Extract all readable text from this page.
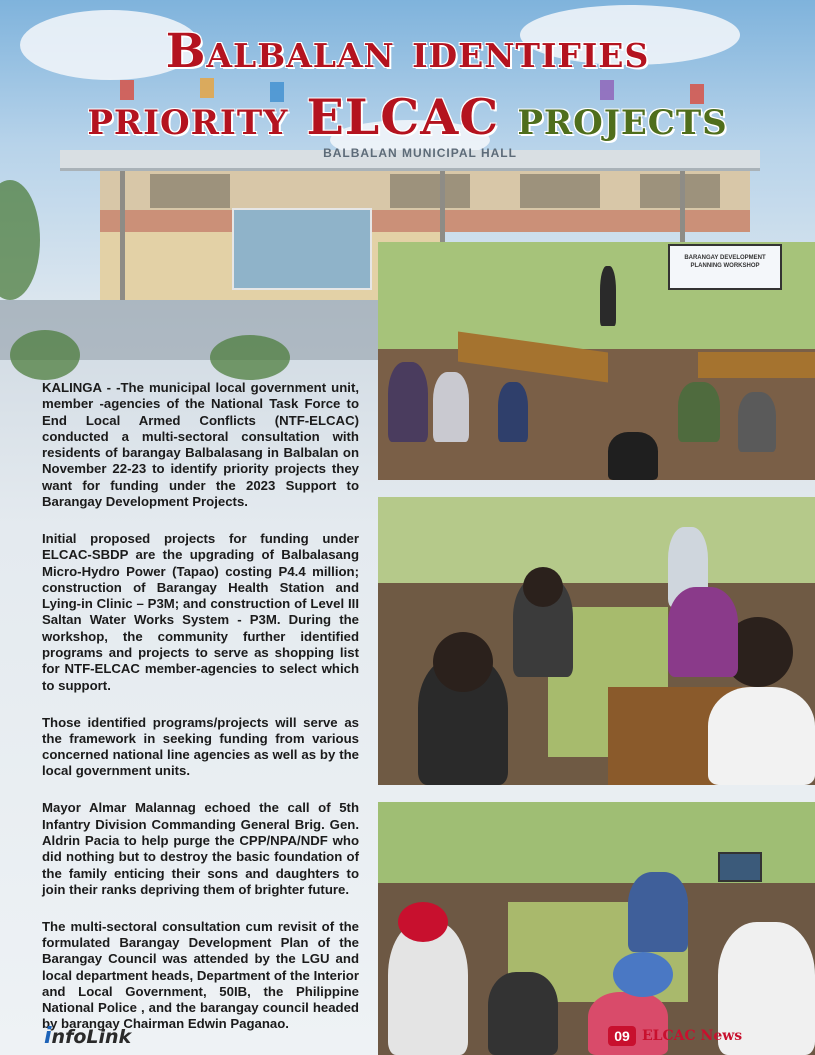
BALBALAN MUNICIPAL HALL
Balbalan identifies
priority ELCAC projects

KALINGA - -The municipal local government unit, member -agencies of the National Task Force to End Local Armed Conflicts (NTF-ELCAC) conducted a multi-sectoral consultation with residents of barangay Balbalasang in Balbalan on November 22-23 to identify priority projects they want for funding under the 2023 Support to Barangay Development Projects.

Initial proposed projects for funding under ELCAC-SBDP are the upgrading of Balbalasang Micro-Hydro Power (Tapao) costing P4.4 million; construction of Barangay Health Station and Lying-in Clinic – P3M; and construction of Level III Saltan Water Works System - P3M. During the workshop, the community further identified programs and projects to serve as shopping list for NTF-ELCAC member-agencies to select which to support.

Those identified programs/projects will serve as the framework in seeking funding from various concerned national line agencies as well as by the local government units.

Mayor Almar Malannag echoed the call of 5th Infantry Division Commanding General Brig. Gen. Aldrin Pacia to help purge the CPP/NPA/NDF who did nothing but to destroy the basic foundation of the family enticing their sons and daughters to join their ranks depriving them of brighter future.

The multi-sectoral consultation cum revisit of the formulated Barangay Development Plan of the Barangay Council was attended by the LGU and local department heads, Department of the Interior and Local Government, 50IB, the Philippine National Police , and the barangay council headed by barangay Chairman Edwin Paganao.

BARANGAY DEVELOPMENT PLANNING WORKSHOP
infoLink	09 ELCAC News
